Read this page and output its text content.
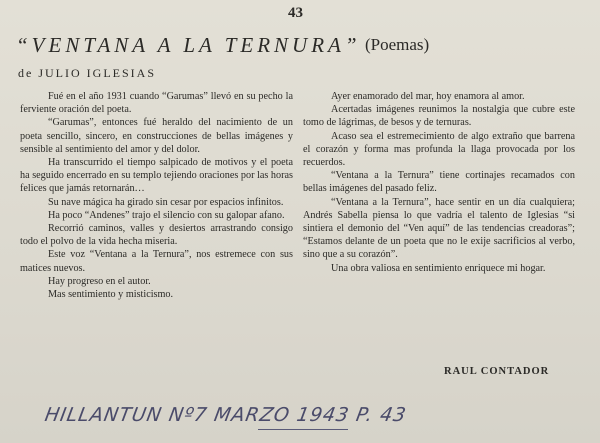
43
“VENTANA A LA TERNURA” (Poemas)
de JULIO IGLESIAS

Fué en el año 1931 cuando “Garumas” llevó en su pecho la ferviente oración del poeta.

“Garumas”, entonces fué heraldo del nacimiento de un poeta sencillo, sincero, en construcciones de bellas imágenes y sensible al sentimiento del amor y del dolor.

Ha transcurrido el tiempo salpicado de motivos y el poeta ha seguido encerrado en su templo tejiendo oraciones por las horas felices que jamás retornarán…

Su nave mágica ha girado sin cesar por espacios infinitos.

Ha poco “Andenes” trajo el silencio con su galopar afano.

Recorrió caminos, valles y desiertos arrastrando consigo todo el polvo de la vida hecha miseria.

Este voz “Ventana a la Ternura”, nos estremece con sus matices nuevos.

Hay progreso en el autor.

Mas sentimiento y misticismo.

Ayer enamorado del mar, hoy enamora al amor.

Acertadas imágenes reunimos la nostalgia que cubre este tomo de lágrimas, de besos y de ternuras.

Acaso sea el estremecimiento de algo extraño que barrena el corazón y forma mas profunda la llaga provocada por los recuerdos.

“Ventana a la Ternura” tiene cortinajes recamados con bellas imágenes del pasado feliz.

“Ventana a la Ternura”, hace sentir en un día cualquiera; Andrés Sabella piensa lo que vadría el talento de Iglesias “si sintiera el demonio del “Ven aquí” de las tendencias creadoras”; “Estamos delante de un poeta que no le exije sacrificios al verbo, sino que a su corazón”.

Una obra valiosa en sentimiento enriquece mi hogar.

RAUL CONTADOR
HILLANTUN Nº7 MARZO 1943 P. 43
